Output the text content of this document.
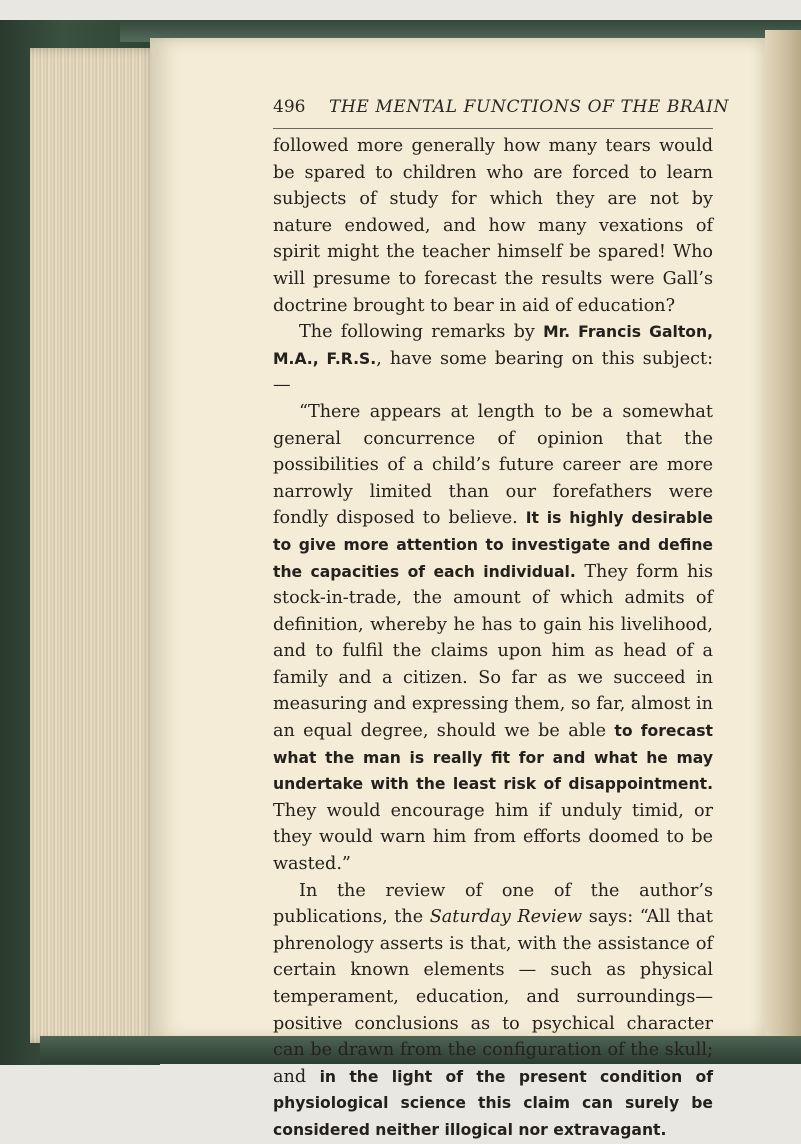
496 THE MENTAL FUNCTIONS OF THE BRAIN

followed more generally how many tears would be spared to children who are forced to learn subjects of study for which they are not by nature endowed, and how many vexations of spirit might the teacher himself be spared! Who will presume to forecast the results were Gall’s doctrine brought to bear in aid of education?

The following remarks by Mr. Francis Galton, M.A., F.R.S., have some bearing on this subject:—

“There appears at length to be a somewhat general concurrence of opinion that the possibilities of a child’s future career are more narrowly limited than our forefathers were fondly disposed to believe. It is highly desirable to give more attention to investigate and define the capacities of each individual. They form his stock-in-trade, the amount of which admits of definition, whereby he has to gain his livelihood, and to fulfil the claims upon him as head of a family and a citizen. So far as we succeed in measuring and expressing them, so far, almost in an equal degree, should we be able to forecast what the man is really fit for and what he may undertake with the least risk of disappointment. They would encourage him if unduly timid, or they would warn him from efforts doomed to be wasted.”

In the review of one of the author’s publications, the Saturday Review says: “All that phrenology asserts is that, with the assistance of certain known elements — such as physical temperament, education, and surroundings—positive conclusions as to psychical character can be drawn from the configuration of the skull; and in the light of the present condition of physiological science this claim can surely be considered neither illogical nor extravagant.
